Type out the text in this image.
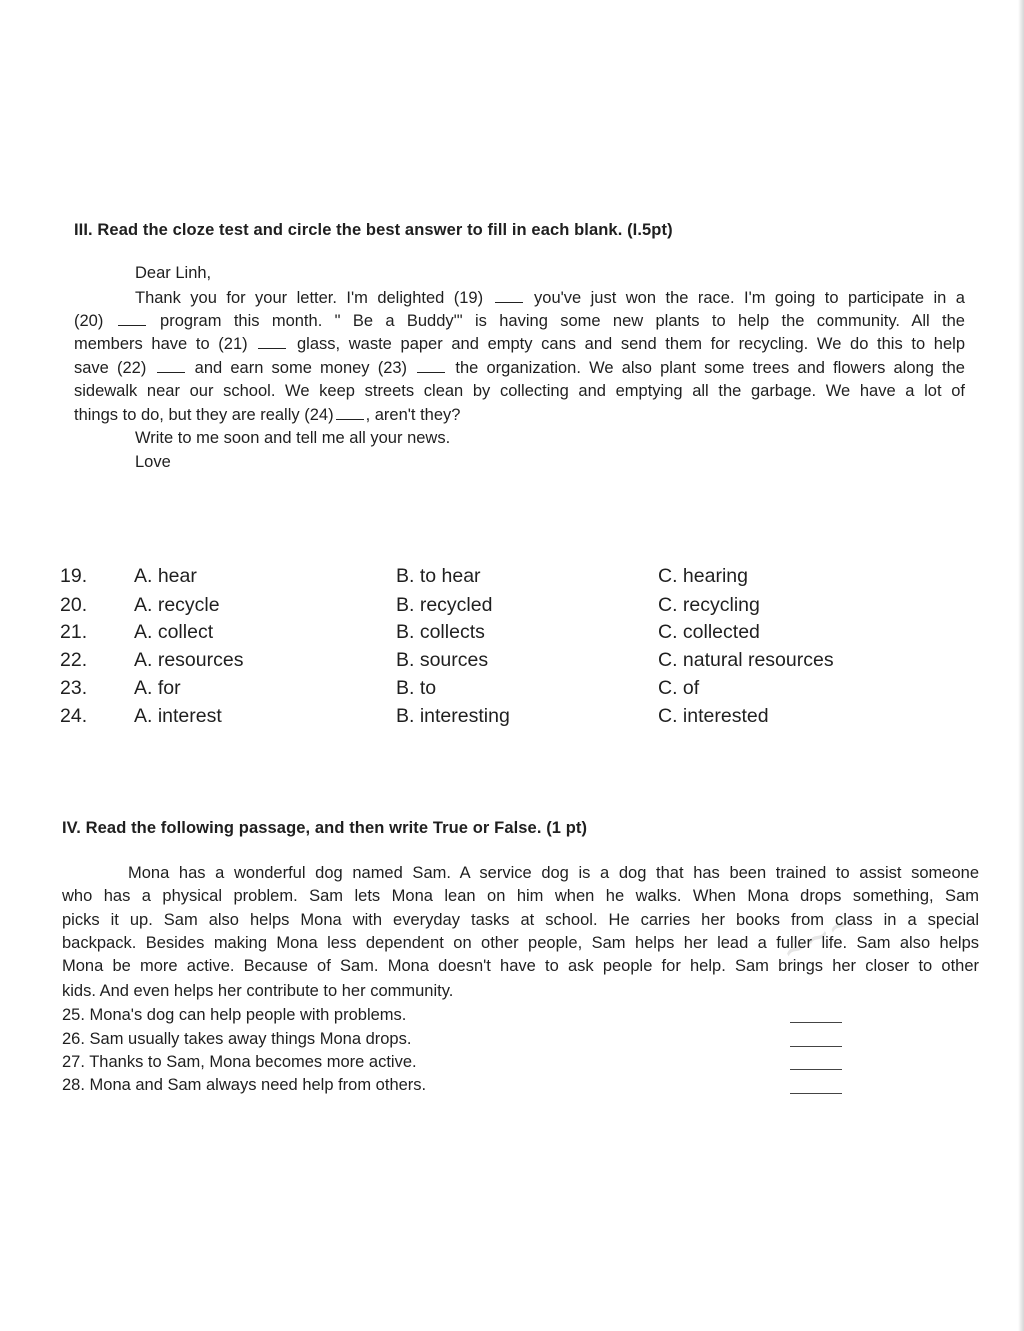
~~~
III. Read the cloze test and circle the best answer to fill in each blank. (I.5pt)
Dear Linh,
Thank you for your letter. I'm delighted (19)	you've just won the race. I'm going to participate in a
(20)	program this month. " Be a Buddy'" is having some new plants to help the community. All the
members have to (21)	glass, waste paper and empty cans and send them for recycling. We do this to help
save (22)	and earn some money (23)	the organization. We also plant some trees and flowers along the
sidewalk near our school. We keep streets clean by collecting and emptying all the garbage. We have a lot of
things to do, but they are really (24) , aren't they?
Write to me soon and tell me all your news.
Love
19. A. hear	B. to hear	C. hearing
20. A. recycle	B. recycled	C. recycling
21. A. collect	B. collects	C. collected
22. A. resources	B. sources	C. natural resources
23. A. for	B. to	C. of
24. A. interest	B. interesting	C. interested
IV. Read the following passage, and then write True or False. (1 pt)
Mona has a wonderful dog named Sam. A service dog is a dog that has been trained to assist someone
who has a physical problem. Sam lets Mona lean on him when he walks. When Mona drops something, Sam
picks it up. Sam also helps Mona with everyday tasks at school. He carries her books from class in a special
backpack. Besides making Mona less dependent on other people, Sam helps her lead a fuller life. Sam also helps
Mona be more active. Because of Sam. Mona doesn't have to ask people for help. Sam brings her closer to other
kids. And even helps her contribute to her community.
25. Mona's dog can help people with problems.
26. Sam usually takes away things Mona drops.
27. Thanks to Sam, Mona becomes more active.
28. Mona and Sam always need help from others.
